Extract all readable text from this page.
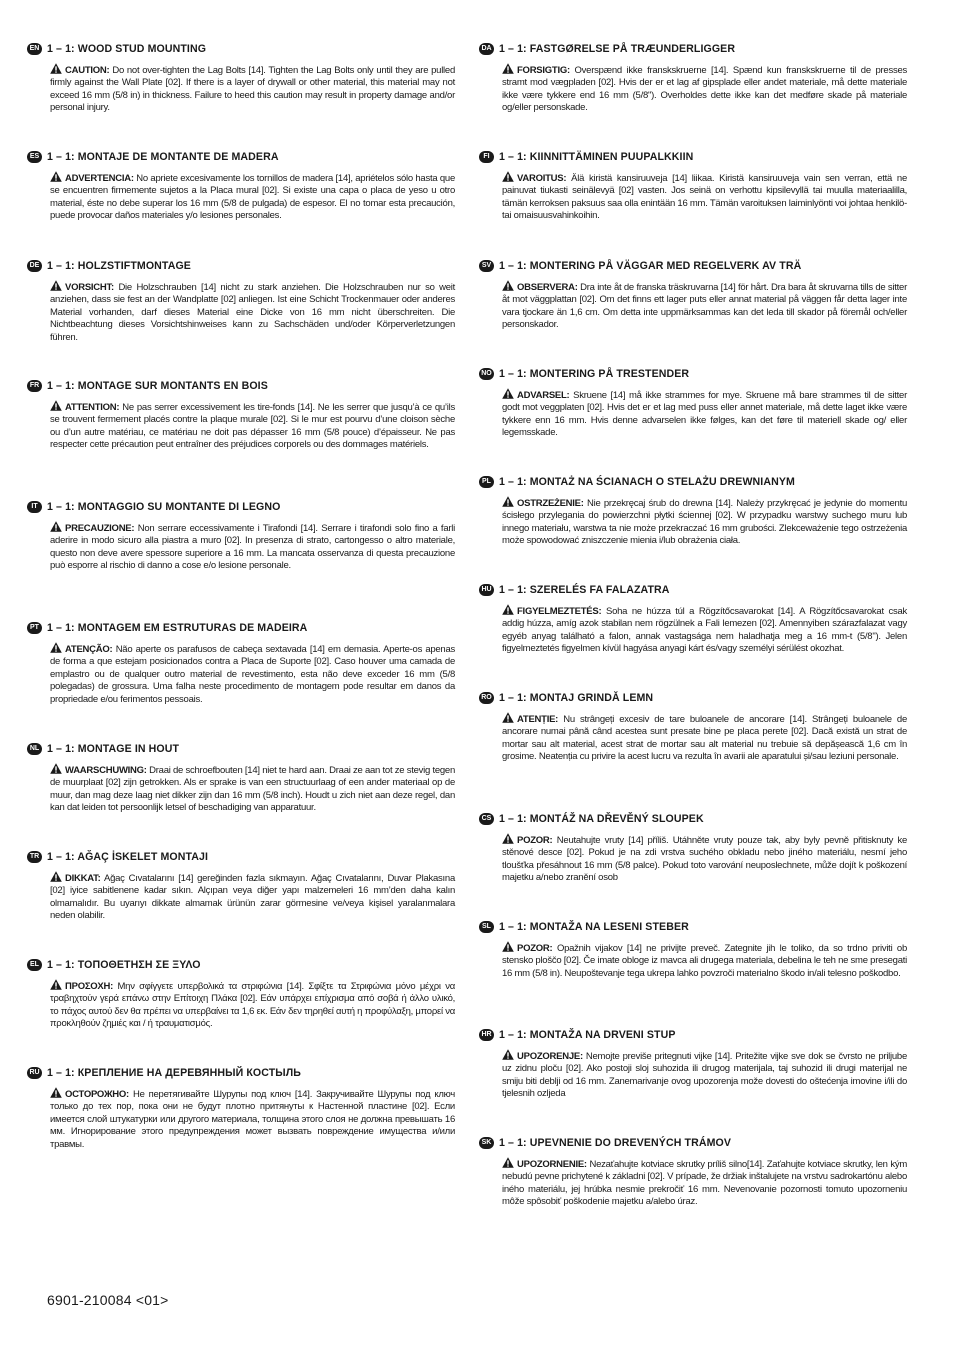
EN 1 – 1: WOOD STUD MOUNTING
CAUTION: Do not over-tighten the Lag Bolts [14]. Tighten the Lag Bolts only until they are pulled firmly against the Wall Plate [02]. If there is a layer of drywall or other material, this material may not exceed 16 mm (5/8 in) in thickness. Failure to heed this caution may result in property damage and/or personal injury.
ES 1 – 1: MONTAJE DE MONTANTE DE MADERA
ADVERTENCIA: No apriete excesivamente los tornillos de madera [14], apriételos sólo hasta que se encuentren firmemente sujetos a la Placa mural [02]. Si existe una capa o placa de yeso u otro material, éste no debe superar los 16 mm (5/8 de pulgada) de espesor. El no tomar esta precaución, puede provocar daños materiales y/o lesiones personales.
DE 1 – 1: HOLZSTIFTMONTAGE
VORSICHT: Die Holzschrauben [14] nicht zu stark anziehen. Die Holzschrauben nur so weit anziehen, dass sie fest an der Wandplatte [02] anliegen. Ist eine Schicht Trockenmauer oder anderes Material vorhanden, darf dieses Material eine Dicke von 16 mm nicht überschreiten. Die Nichtbeachtung dieses Vorsichtshinweises kann zu Sachschäden und/oder Körperverletzungen führen.
FR 1 – 1: MONTAGE SUR MONTANTS EN BOIS
ATTENTION: Ne pas serrer excessivement les tire-fonds [14]. Ne les serrer que jusqu’à ce qu’ils se trouvent fermement placés contre la plaque murale [02]. Si le mur est pourvu d’une cloison sèche ou d’un autre matériau, ce matériau ne doit pas dépasser 16 mm (5/8 pouce) d’épaisseur. Ne pas respecter cette précaution peut entraîner des préjudices corporels ou des dommages matériels.
IT 1 – 1: MONTAGGIO SU MONTANTE DI LEGNO
PRECAUZIONE: Non serrare eccessivamente i Tirafondi [14]. Serrare i tirafondi solo fino a farli aderire in modo sicuro alla piastra a muro [02]. In presenza di strato, cartongesso o altro materiale, questo non deve avere spessore superiore a 16 mm. La mancata osservanza di questa precauzione può esporre al rischio di danno a cose e/o lesione personale.
PT 1 – 1: MONTAGEM EM ESTRUTURAS DE MADEIRA
ATENÇÃO: Não aperte os parafusos de cabeça sextavada [14] em demasia. Aperte-os apenas de forma a que estejam posicionados contra a Placa de Suporte [02]. Caso houver uma camada de emplastro ou de qualquer outro material de revestimento, esta não deve exceder 16 mm (5/8 polegadas) de grossura. Uma falha neste procedimento de montagem pode resultar em danos da propriedade e/ou ferimentos pessoais.
NL 1 – 1: MONTAGE IN HOUT
WAARSCHUWING: Draai de schroefbouten [14] niet te hard aan. Draai ze aan tot ze stevig tegen de muurplaat [02] zijn getrokken. Als er sprake is van een structuurlaag of een ander materiaal op de muur, dan mag deze laag niet dikker zijn dan 16 mm (5/8 inch). Houdt u zich niet aan deze regel, dan kan dat leiden tot persoonlijk letsel of beschadiging van apparatuur.
TR 1 – 1: AĞAÇ İSKELET MONTAJI
DIKKAT: Ağaç Cıvatalarını [14] gereğinden fazla sıkmayın. Ağaç Cıvatalarını, Duvar Plakasına [02] iyice sabitlenene kadar sıkın. Alçıpan veya diğer yapı malzemeleri 16 mm’den daha kalın olmamalıdır. Bu uyarıyı dikkate almamak ürünün zarar görmesine ve/veya kişisel yaralanmalara neden olabilir.
EL 1 – 1: ΤΟΠΟΘΕΤΗΣΗ ΣΕ ΞΥΛΟ
ΠΡΟΣΟΧΗ: Μην σφίγγετε υπερβολικά τα στριφώνια [14]. Σφίξτε τα Στριφώνια μόνο μέχρι να τραβηχτούν γερά επάνω στην Επίτοιχη Πλάκα [02]. Εάν υπάρχει επίχρισμα από σοβά ή άλλο υλικό, το πάχος αυτού δεν θα πρέπει να υπερβαίνει τα 1,6 εκ. Εάν δεν τηρηθεί αυτή η προφύλαξη, μπορεί να προκληθούν ζημιές και / ή τραυματισμός.
RU 1 – 1: КРЕПЛЕНИЕ НА ДЕРЕВЯННЫЙ КОСТЫЛЬ
ОСТОРОЖНО: Не перетягивайте Шурупы под ключ [14]. Закручивайте Шурупы под ключ только до тех пор, пока они не будут плотно притянуты к Настенной пластине [02]. Если имеется слой штукатурки или другого материала, толщина этого слоя не должна превышать 16 мм. Игнорирование этого предупреждения может вызвать повреждение имущества и/или травмы.
DA 1 – 1: FASTGØRELSE PÅ TRÆUNDERLIGGER
FORSIGTIG: Overspænd ikke franskskruerne [14]. Spænd kun franskskruerne til de presses stramt mod vægpladen [02]. Hvis der er et lag af gipsplade eller andet materiale, må dette materiale ikke være tykkere end 16 mm (5/8"). Overholdes dette ikke kan det medføre skade på materiale og/eller personskade.
FI 1 – 1: KIINNITTÄMINEN PUUPALKKIIN
VAROITUS: Älä kiristä kansiruuveja [14] liikaa. Kiristä kansiruuveja vain sen verran, että ne painuvat tiukasti seinälevyä [02] vasten. Jos seinä on verhottu kipsilevyllä tai muulla materiaalilla, tämän kerroksen paksuus saa olla enintään 16 mm. Tämän varoituksen laiminlyönti voi johtaa henkilö- tai omaisuusvahinkoihin.
SV 1 – 1: MONTERING PÅ VÄGGAR MED REGELVERK AV TRÄ
OBSERVERA: Dra inte åt de franska träskruvarna [14] för hårt. Dra bara åt skruvarna tills de sitter åt mot väggplattan [02]. Om det finns ett lager puts eller annat material på väggen får detta lager inte vara tjockare än 1,6 cm. Om detta inte uppmärksammas kan det leda till skador på föremål och/eller personskador.
NO 1 – 1: MONTERING PÅ TRESTENDER
ADVARSEL: Skruene [14] må ikke strammes for mye. Skruene må bare strammes til de sitter godt mot veggplaten [02]. Hvis det er et lag med puss eller annet materiale, må dette laget ikke være tykkere enn 16 mm. Hvis denne advarselen ikke følges, kan det føre til materiell skade og/ eller legemsskade.
PL 1 – 1: MONTAŻ NA ŚCIANACH O STELAŻU DREWNIANYM
OSTRZEŻENIE: Nie przekręcaj śrub do drewna [14]. Należy przykręcać je jedynie do momentu ścisłego przylegania do powierzchni płytki ściennej [02]. W przypadku warstwy suchego muru lub innego materiału, warstwa ta nie może przekraczać 16 mm grubości. Zlekceważenie tego ostrzeżenia może spowodować zniszczenie mienia i/lub obrażenia ciała.
HU 1 – 1: SZERELÉS FA FALAZATRA
FIGYELMEZTETÉS: Soha ne húzza túl a Rögzítőcsavarokat [14]. A Rögzítőcsavarokat csak addig húzza, amíg azok stabilan nem rögzülnek a Fali lemezen [02]. Amennyiben szárazfalazat vagy egyéb anyag található a falon, annak vastagsága nem haladhatja meg a 16 mm-t (5/8"). Jelen figyelmeztetés figyelmen kívül hagyása anyagi kárt és/vagy személyi sérülést okozhat.
RO 1 – 1: MONTAJ GRINDĂ LEMN
ATENȚIE: Nu strângeți excesiv de tare buloanele de ancorare [14]. Strângeți buloanele de ancorare numai până când acestea sunt presate bine pe placa perete [02]. Dacă există un strat de mortar sau alt material, acest strat de mortar sau alt material nu trebuie să depășească 1,6 cm în grosime. Neatenția cu privire la acest lucru va rezulta în avarii ale aparatului și/sau leziuni personale.
CS 1 – 1: MONTÁŽ NA DŘEVĚNÝ SLOUPEK
POZOR: Neutahujte vruty [14] příliš. Utáhněte vruty pouze tak, aby byly pevně přitisknuty ke stěnové desce [02]. Pokud je na zdi vrstva suchého obkladu nebo jiného materiálu, nesmí jeho tloušťka přesáhnout 16 mm (5/8 palce). Pokud toto varování neuposlechnete, může dojít k poškození majetku a/nebo zranění osob
SL 1 – 1: MONTAŽA NA LESENI STEBER
POZOR: Opažnih vijakov [14] ne privijte preveč. Zategnite jih le toliko, da so trdno priviti ob stensko ploščo [02]. Če imate obloge iz mavca ali drugega materiala, debelina le teh ne sme presegati 16 mm (5/8 in). Neupoštevanje tega ukrepa lahko povzroči materialno škodo in/ali telesno poškodbo.
HR 1 – 1: MONTAŽA NA DRVENI STUP
UPOZORENJE: Nemojte previše pritegnuti vijke [14]. Pritežite vijke sve dok se čvrsto ne priljube uz zidnu ploču [02]. Ako postoji sloj suhozida ili drugog materijala, taj suhozid ili drugi materijal ne smiju biti deblji od 16 mm. Zanemarivanje ovog upozorenja može dovesti do oštećenja imovine i/ili do tjelesnih ozljeda
SK 1 – 1: UPEVNENIE DO DREVENÝCH TRÁMOV
UPOZORNENIE: Nezaťahujte kotviace skrutky príliš silno[14]. Zaťahujte kotviace skrutky, len kým nebudú pevne prichytené k základni [02]. V prípade, že držiak inštalujete na vrstvu sadrokartónu alebo iného materiálu, jej hrúbka nesmie prekročiť 16 mm. Nevenovanie pozornosti tomuto upozorneniu môže spôsobiť poškodenie majetku a/alebo úraz.
6901-210084 <01>
